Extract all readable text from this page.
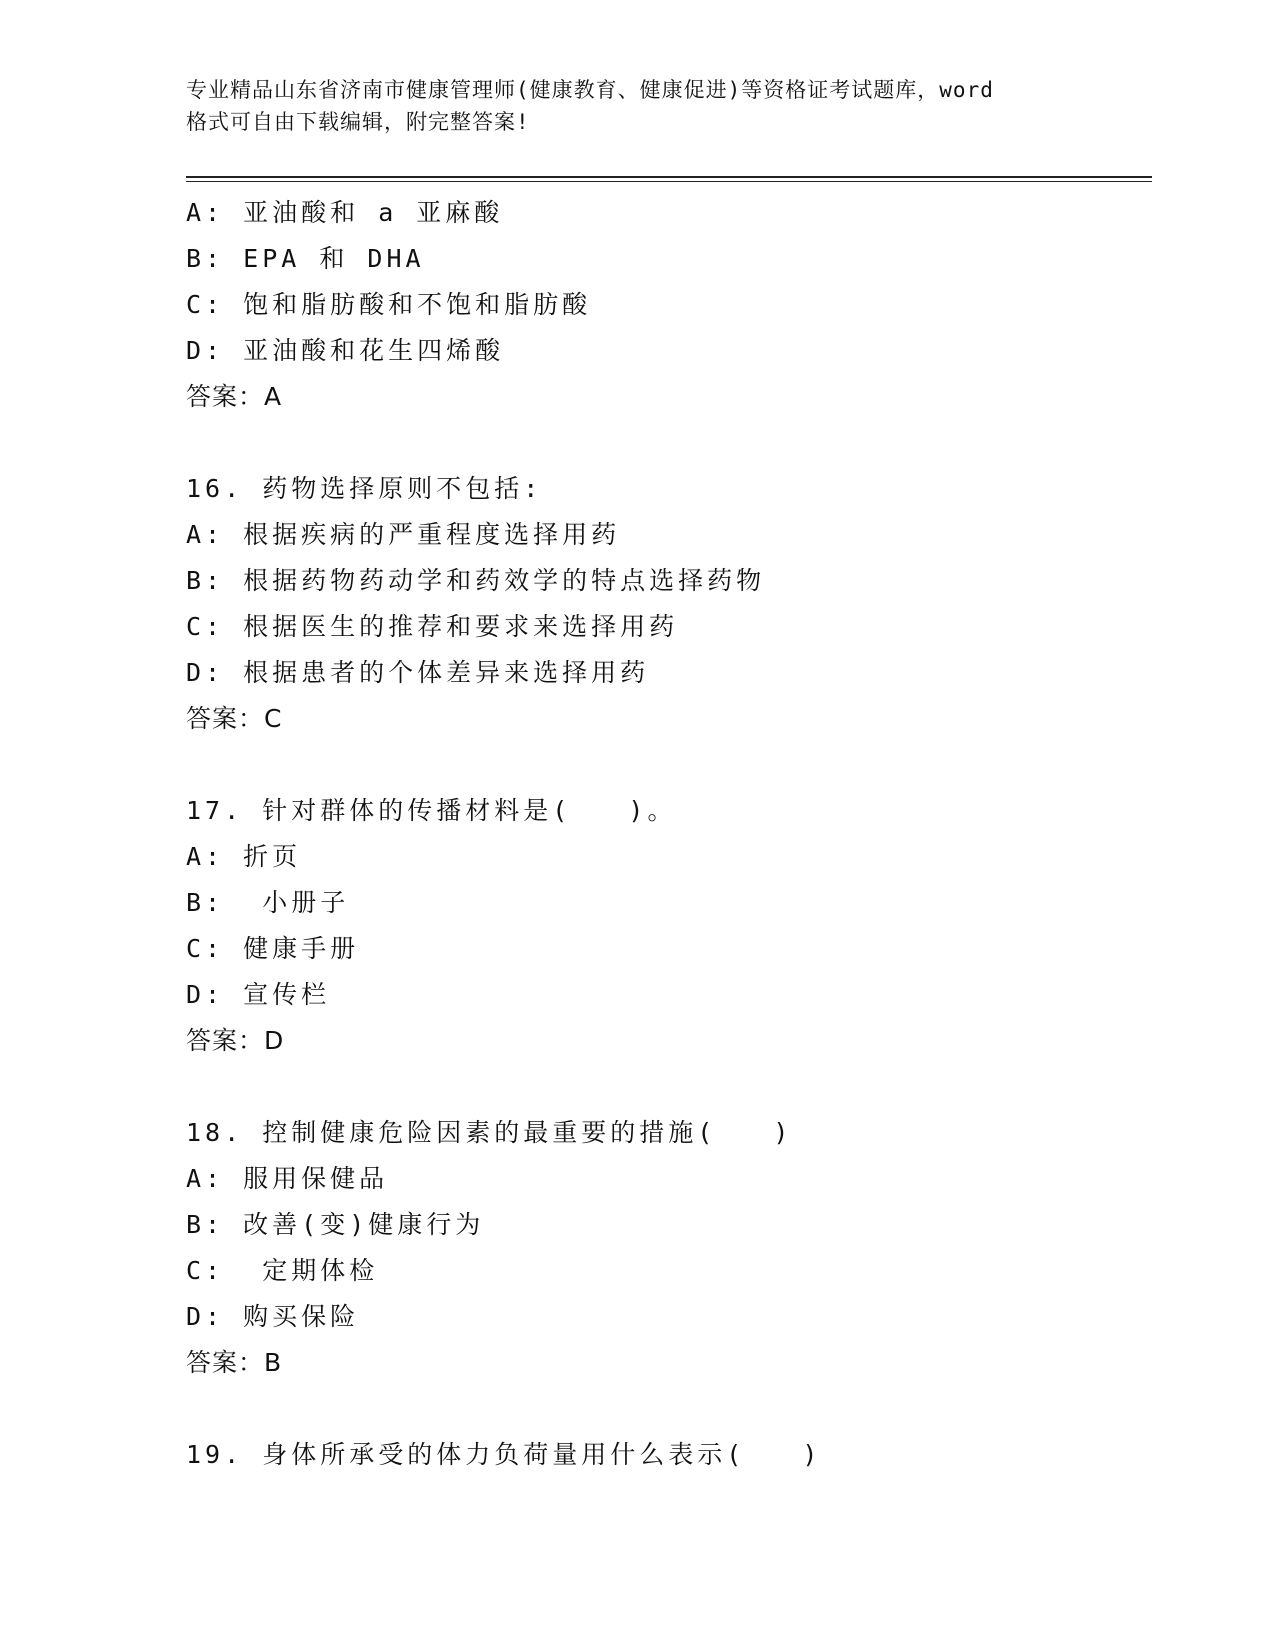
专业精品山东省济南市健康管理师(健康教育、健康促进)等资格证考试题库，word
格式可自由下载编辑，附完整答案!
A: 亚油酸和 a 亚麻酸
B: EPA 和 DHA
C: 饱和脂肪酸和不饱和脂肪酸
D: 亚油酸和花生四烯酸
答案：A
16. 药物选择原则不包括:
A: 根据疾病的严重程度选择用药
B: 根据药物药动学和药效学的特点选择药物
C: 根据医生的推荐和要求来选择用药
D: 根据患者的个体差异来选择用药
答案：C
17. 针对群体的传播材料是(   )。
A: 折页
B:  小册子
C: 健康手册
D: 宣传栏
答案：D
18. 控制健康危险因素的最重要的措施(   )
A: 服用保健品
B: 改善(变)健康行为
C:  定期体检
D: 购买保险
答案：B
19. 身体所承受的体力负荷量用什么表示(   )
